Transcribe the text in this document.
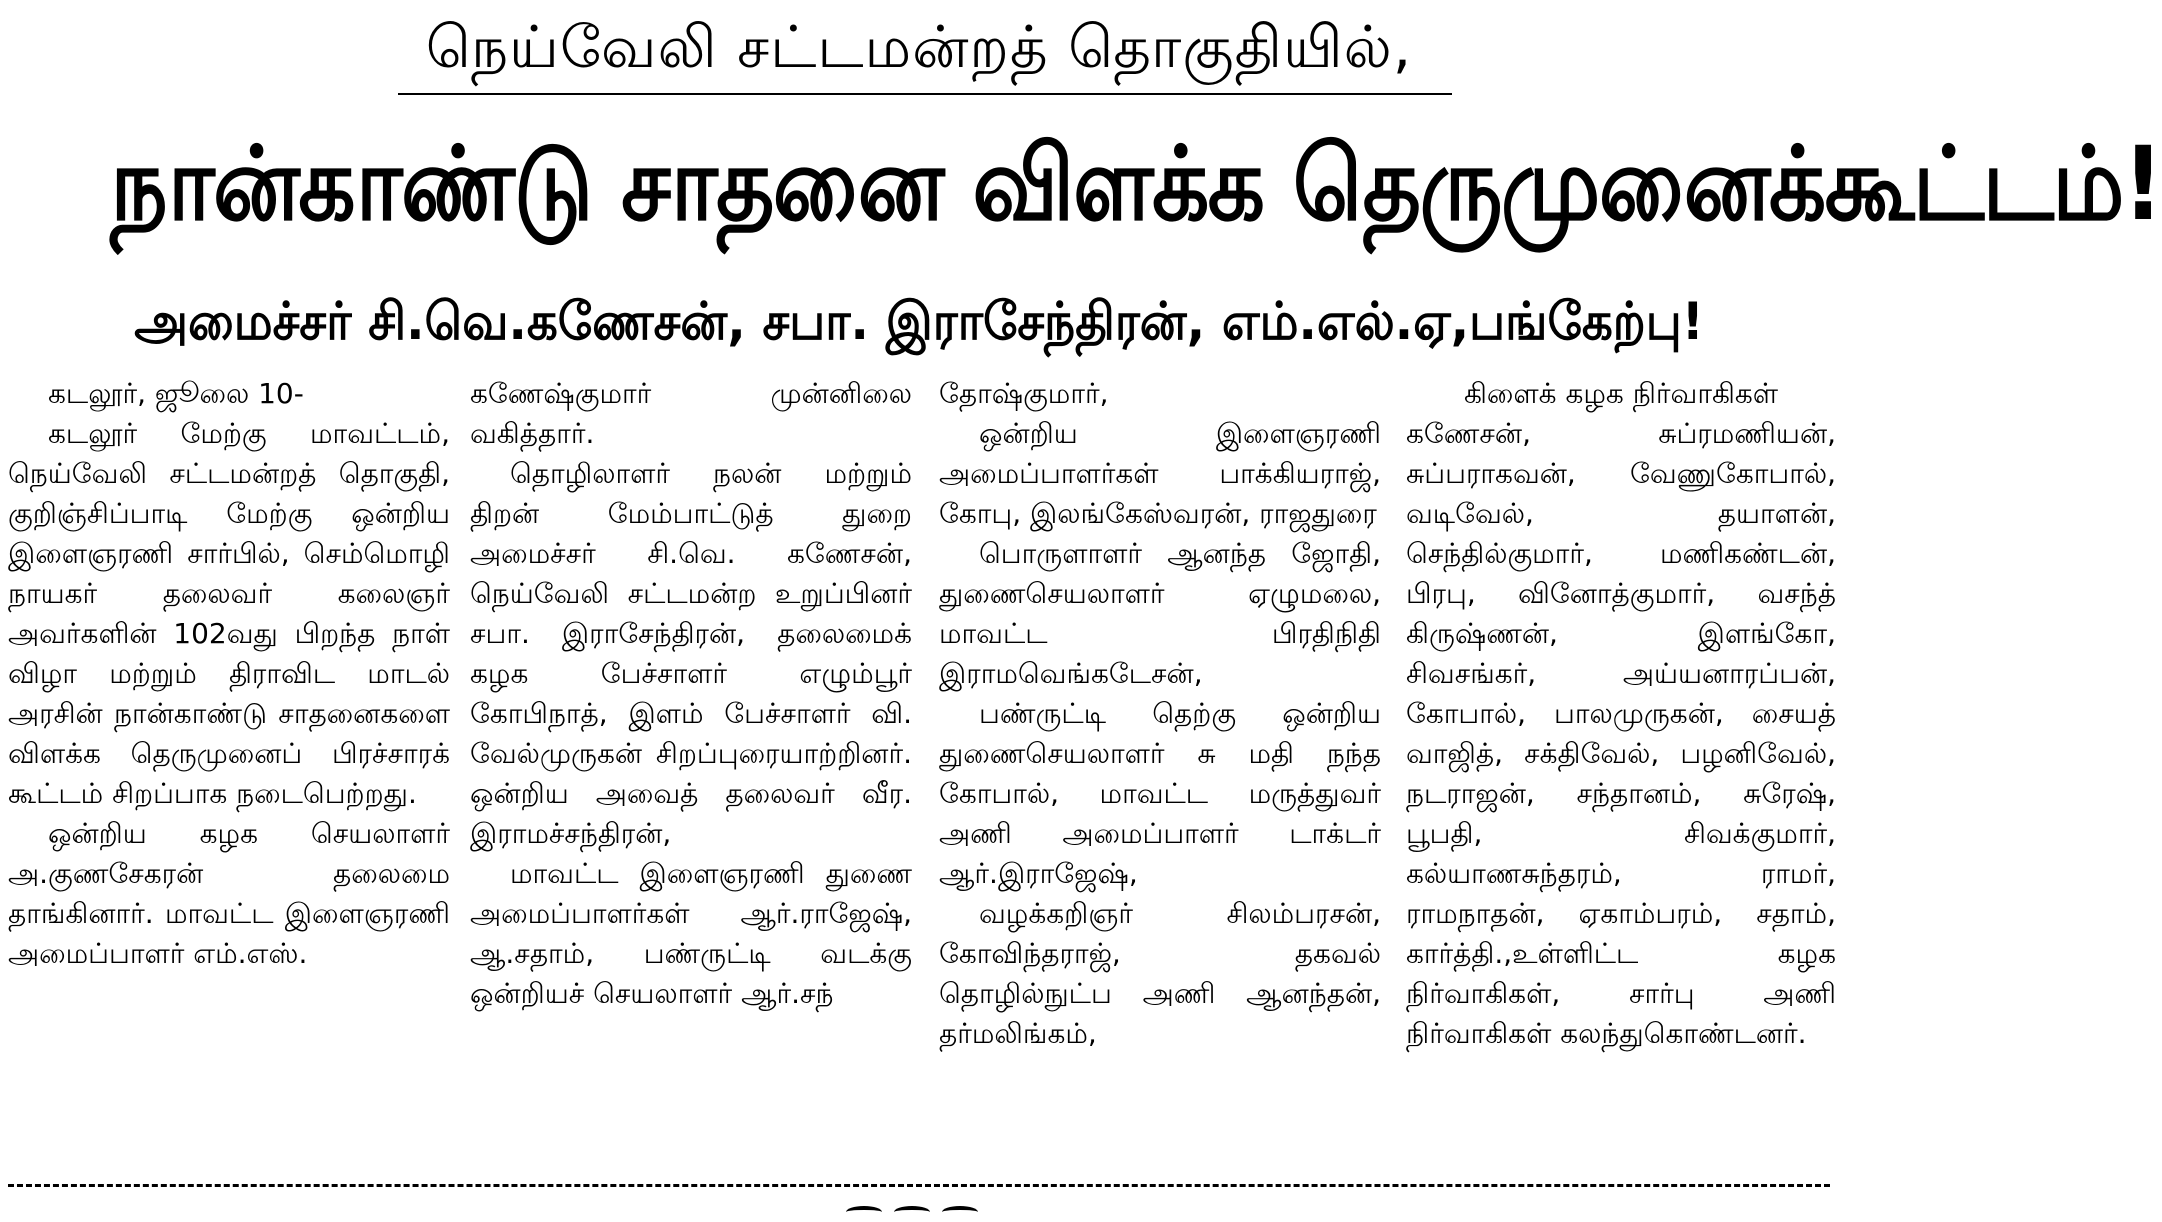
நெய்வேலி சட்டமன்றத் தொகுதியில்,
நான்காண்டு சாதனை விளக்க தெருமுனைக்கூட்டம்!
அமைச்சர் சி.வெ.கணேசன், சபா. இராசேந்திரன், எம்.எல்.ஏ,பங்கேற்பு!

கடலூர், ஜூலை 10-

கடலூர் மேற்கு மாவட்டம், நெய்வேலி சட்டமன்றத் தொகுதி, குறிஞ்சிப்பாடி மேற்கு ஒன்றிய இளைஞரணி சார்பில், செம்மொழி நாயகர் தலைவர் கலைஞர் அவர்களின் 102வது பிறந்த நாள் விழா மற்றும் திராவிட மாடல் அரசின் நான்காண்டு சாதனைகளை விளக்க தெருமுனைப் பிரச்சாரக் கூட்டம் சிறப்பாக நடைபெற்றது.

ஒன்றிய கழக செயலாளர் அ.குணசேகரன் தலைமை தாங்கினார். மாவட்ட இளைஞரணி அமைப்பாளர் எம்.எஸ்.

கணேஷ்குமார் முன்னிலை வகித்தார்.

தொழிலாளர் நலன் மற்றும் திறன் மேம்பாட்டுத் துறை அமைச்சர் சி.வெ. கணேசன், நெய்வேலி சட்டமன்ற உறுப்பினர் சபா. இராசேந்திரன், தலைமைக் கழக பேச்சாளர் எழும்பூர் கோபிநாத், இளம் பேச்சாளர் வி. வேல்முருகன் சிறப்புரையாற்றினர். ஒன்றிய அவைத் தலைவர் வீர. இராமச்சந்திரன்,

மாவட்ட இளைஞரணி துணை அமைப்பாளர்கள் ஆர்.ராஜேஷ், ஆ.சதாம், பண்ருட்டி வடக்கு ஒன்றியச் செயலாளர் ஆர்.சந்

தோஷ்குமார்,

ஒன்றிய இளைஞரணி அமைப்பாளர்கள் பாக்கியராஜ், கோபு, இலங்கேஸ்வரன், ராஜதுரை

பொருளாளர் ஆனந்த ஜோதி, துணைசெயலாளர் ஏழுமலை, மாவட்ட பிரதிநிதி இராமவெங்கடேசன்,

பண்ருட்டி தெற்கு ஒன்றிய துணைசெயலாளர் சு மதி நந்த கோபால், மாவட்ட மருத்துவர் அணி அமைப்பாளர் டாக்டர் ஆர்.இராஜேஷ்,

வழக்கறிஞர் சிலம்பரசன், கோவிந்தராஜ், தகவல் தொழில்நுட்ப அணி ஆனந்தன், தர்மலிங்கம்,

கிளைக் கழக நிர்வாகிகள்

கணேசன், சுப்ரமணியன், சுப்பராகவன், வேணுகோபால், வடிவேல், தயாளன், செந்தில்குமார், மணிகண்டன், பிரபு, வினோத்குமார், வசந்த் கிருஷ்ணன், இளங்கோ, சிவசங்கர், அய்யனாரப்பன், கோபால், பாலமுருகன், சையத் வாஜித், சக்திவேல், பழனிவேல், நடராஜன், சந்தானம், சுரேஷ், பூபதி, சிவக்குமார், கல்யாணசுந்தரம், ராமர், ராமநாதன், ஏகாம்பரம், சதாம், கார்த்தி.,உள்ளிட்ட கழக நிர்வாகிகள், சார்பு அணி நிர்வாகிகள் கலந்துகொண்டனர்.
